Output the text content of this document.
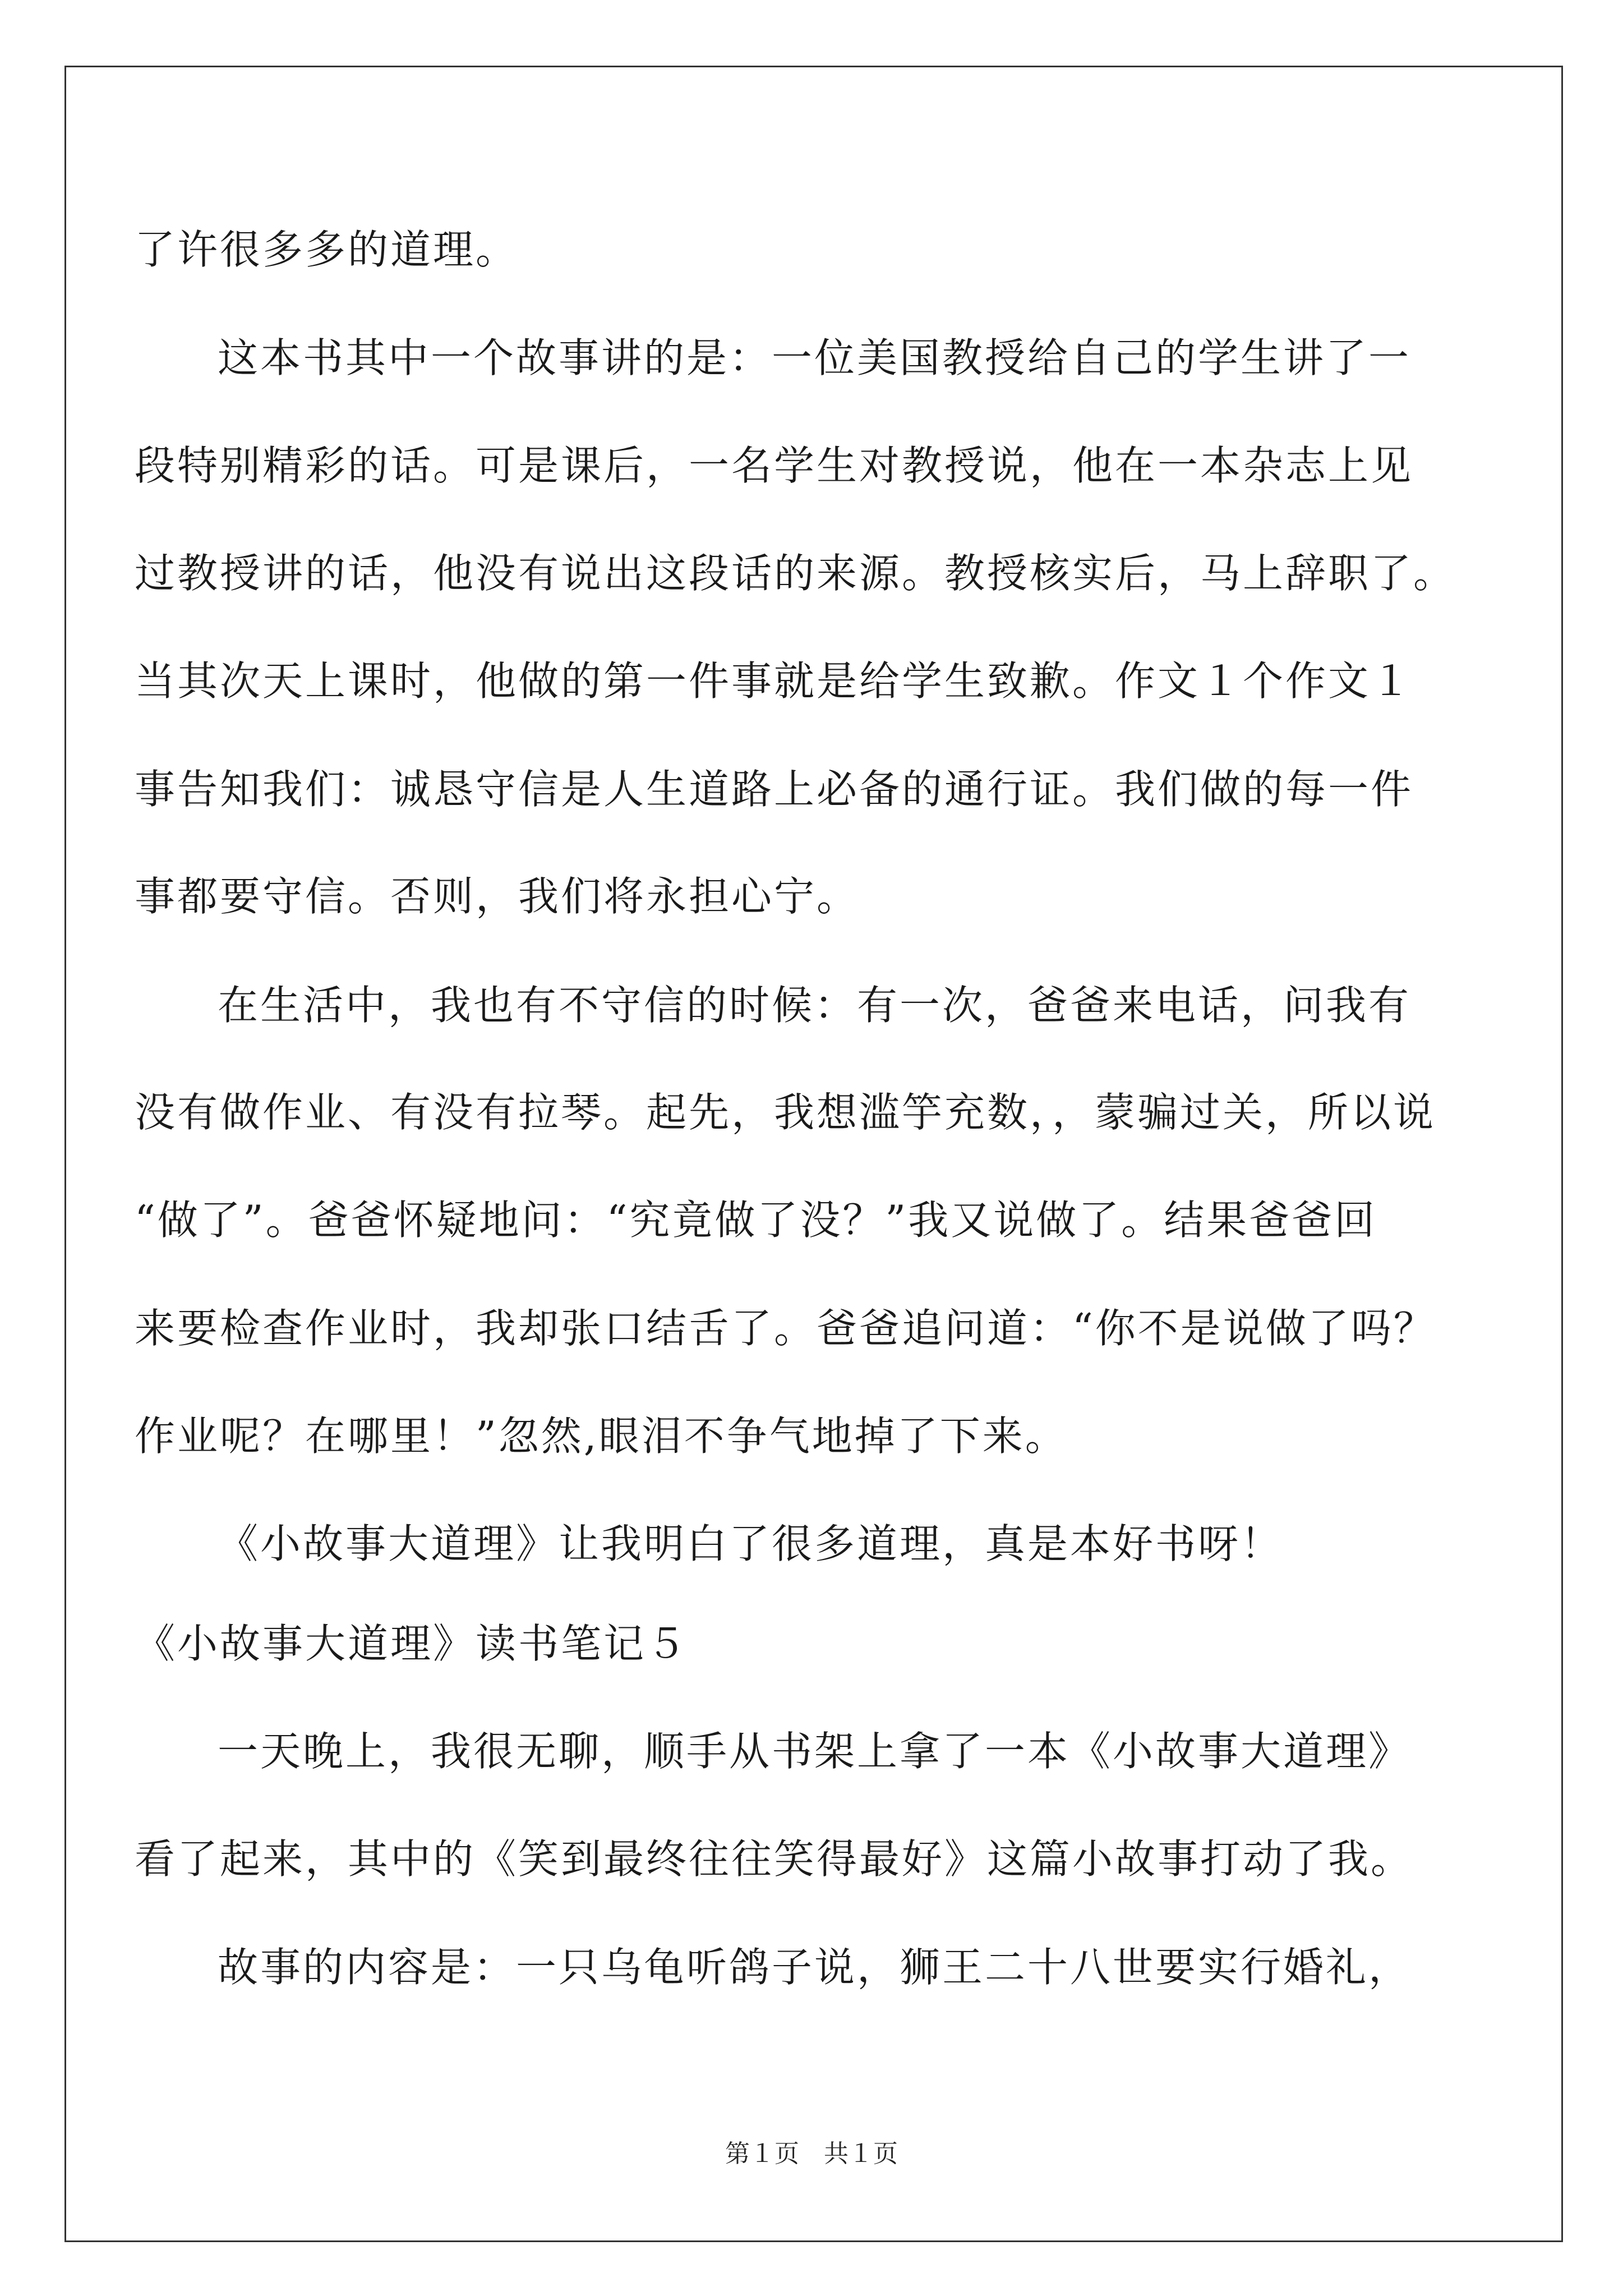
了许很多多的道理。
这本书其中一个故事讲的是：一位美国教授给自己的学生讲了一
段特别精彩的话。可是课后，一名学生对教授说，他在一本杂志上见
过教授讲的话，他没有说出这段话的来源。教授核实后，马上辞职了。
当其次天上课时，他做的第一件事就是给学生致歉。作文１个作文１
事告知我们：诚恳守信是人生道路上必备的通行证。我们做的每一件
事都要守信。否则，我们将永担心宁。
在生活中，我也有不守信的时候：有一次，爸爸来电话，问我有
没有做作业、有没有拉琴。起先，我想滥竽充数，，蒙骗过关，所以说
“做了”。爸爸怀疑地问：“究竟做了没？”我又说做了。结果爸爸回
来要检查作业时，我却张口结舌了。爸爸追问道：“你不是说做了吗？
作业呢？在哪里！”忽然,眼泪不争气地掉了下来。
《小故事大道理》让我明白了很多道理，真是本好书呀！
《小故事大道理》读书笔记５
一天晚上，我很无聊，顺手从书架上拿了一本《小故事大道理》
看了起来，其中的《笑到最终往往笑得最好》这篇小故事打动了我。
故事的内容是：一只乌龟听鸽子说，狮王二十八世要实行婚礼，
第１页　共１页
